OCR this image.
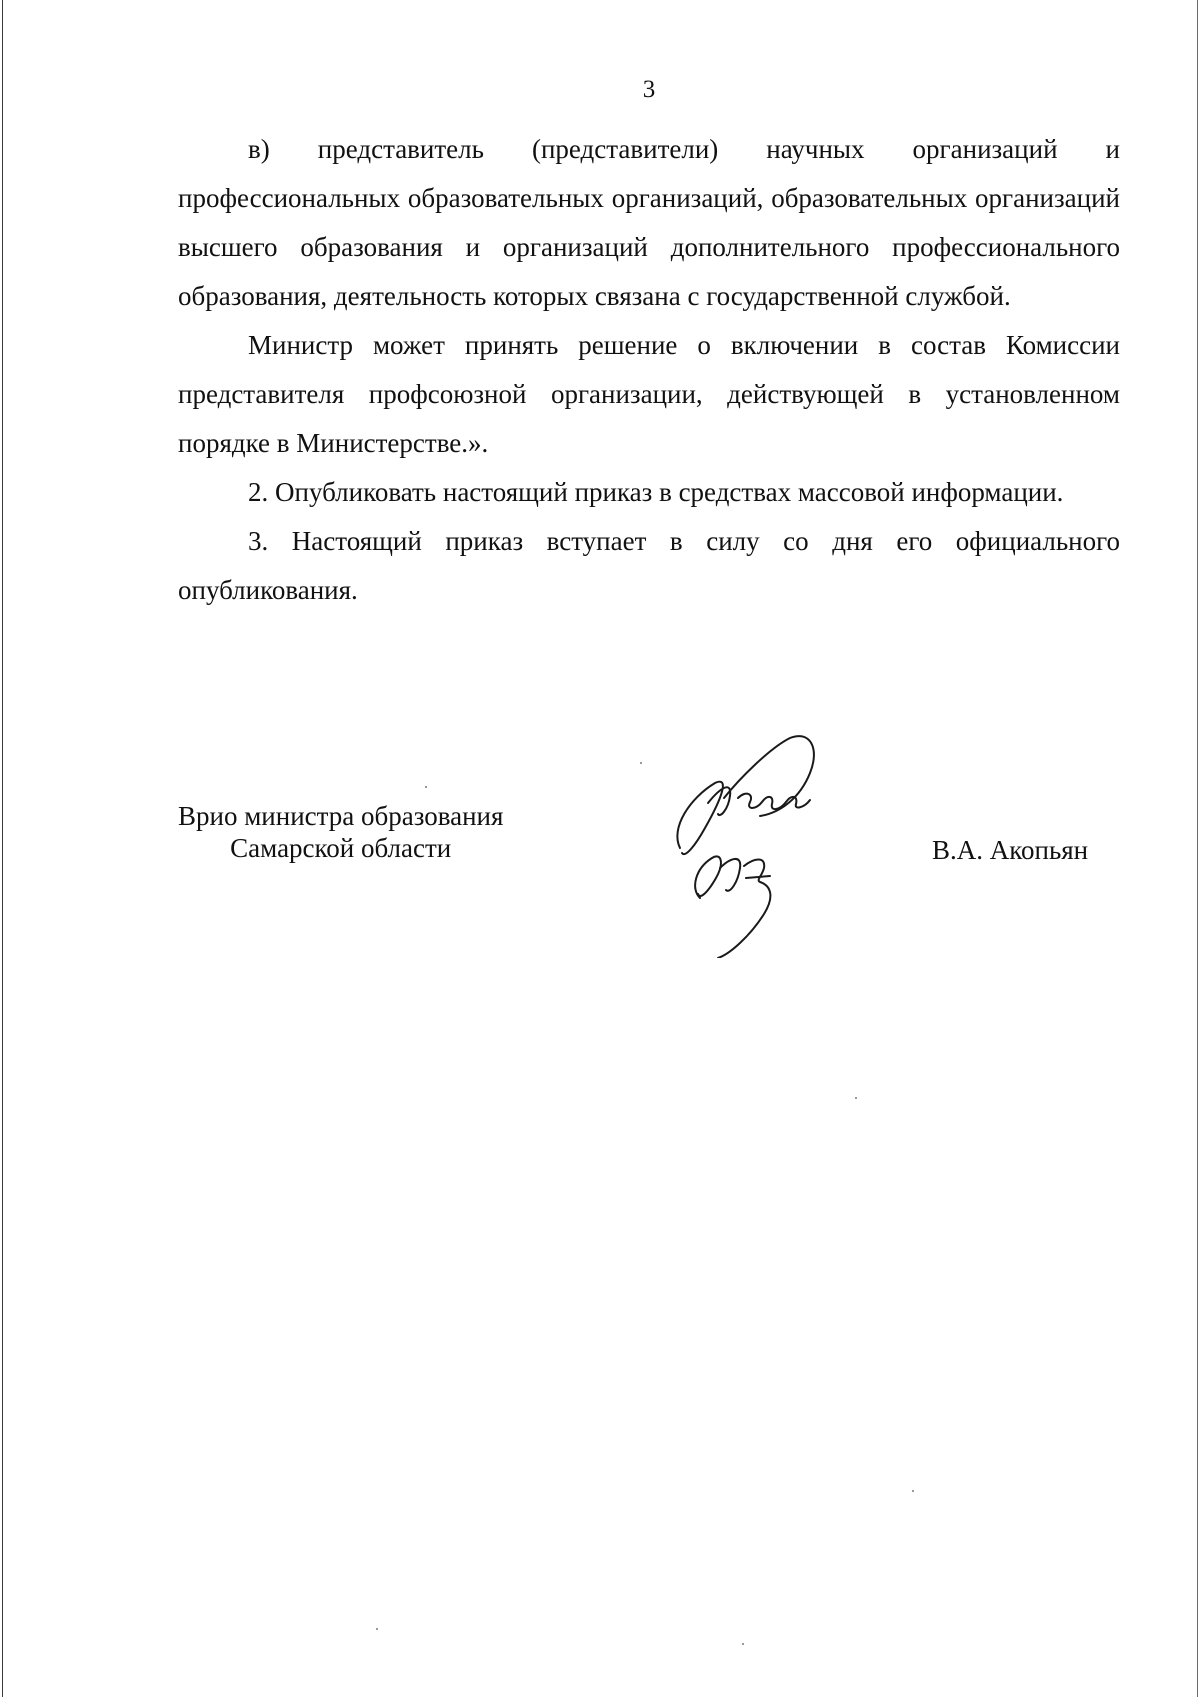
3

в) представитель (представители) научных организаций и профессиональных образовательных организаций, образовательных организаций высшего образования и организаций дополнительного профессионального образования, деятельность которых связана с государственной службой.

Министр может принять решение о включении в состав Комиссии представителя профсоюзной организации, действующей в установленном порядке в Министерстве.».

2. Опубликовать настоящий приказ в средствах массовой информации.

3. Настоящий приказ вступает в силу со дня его официального опубликования.

Врио министра образования
Самарской области	В.А. Акопьян
